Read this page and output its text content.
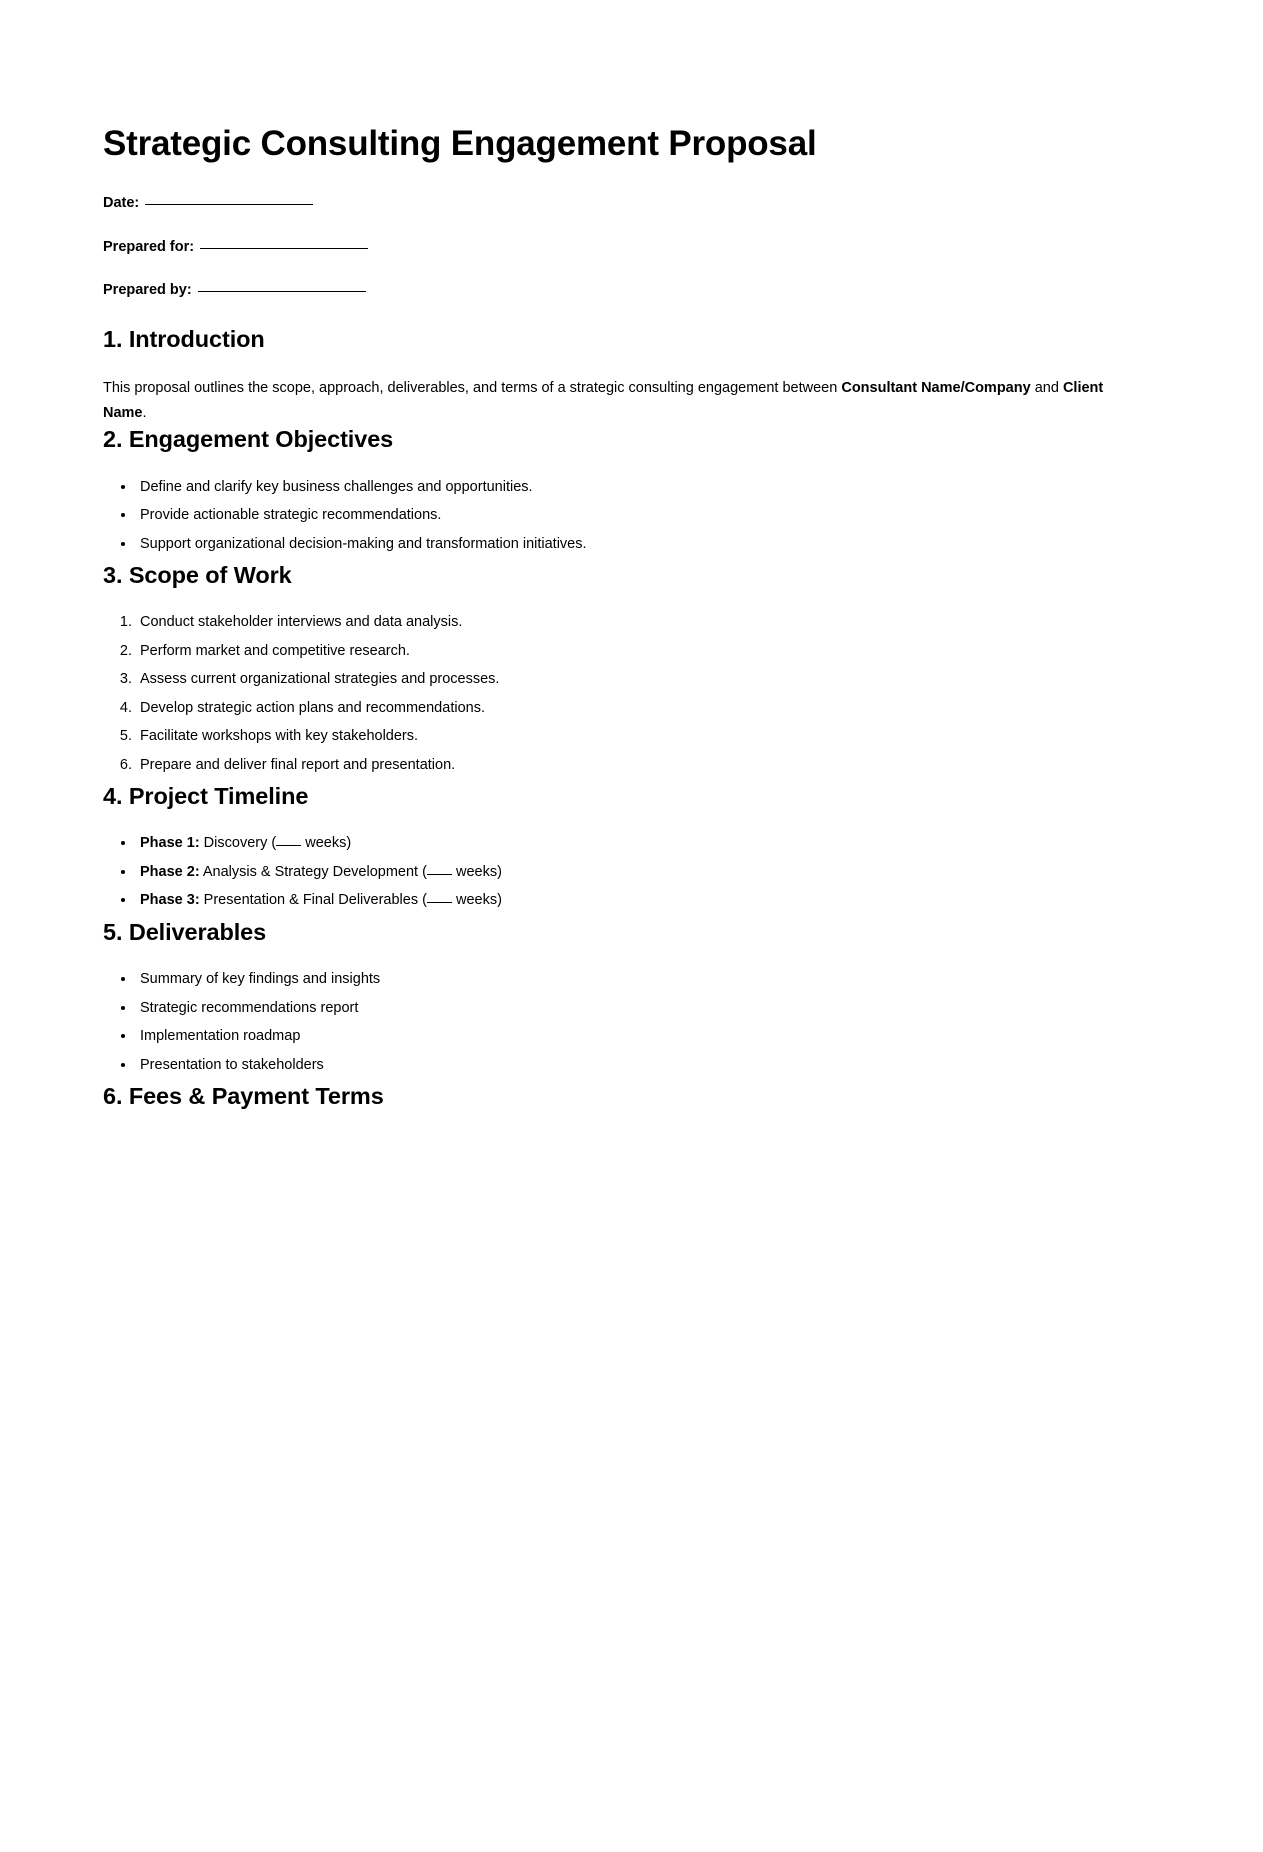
Strategic Consulting Engagement Proposal
Date:
Prepared for:
Prepared by:
1. Introduction

This proposal outlines the scope, approach, deliverables, and terms of a strategic consulting engagement between Consultant Name/Company and Client Name.

2. Engagement Objectives
• Define and clarify key business challenges and opportunities.
• Provide actionable strategic recommendations.
• Support organizational decision-making and transformation initiatives.
3. Scope of Work
1. Conduct stakeholder interviews and data analysis.
2. Perform market and competitive research.
3. Assess current organizational strategies and processes.
4. Develop strategic action plans and recommendations.
5. Facilitate workshops with key stakeholders.
6. Prepare and deliver final report and presentation.
4. Project Timeline
• Phase 1: Discovery ( weeks)
• Phase 2: Analysis & Strategy Development ( weeks)
• Phase 3: Presentation & Final Deliverables ( weeks)
5. Deliverables
• Summary of key findings and insights
• Strategic recommendations report
• Implementation roadmap
• Presentation to stakeholders
6. Fees & Payment Terms
